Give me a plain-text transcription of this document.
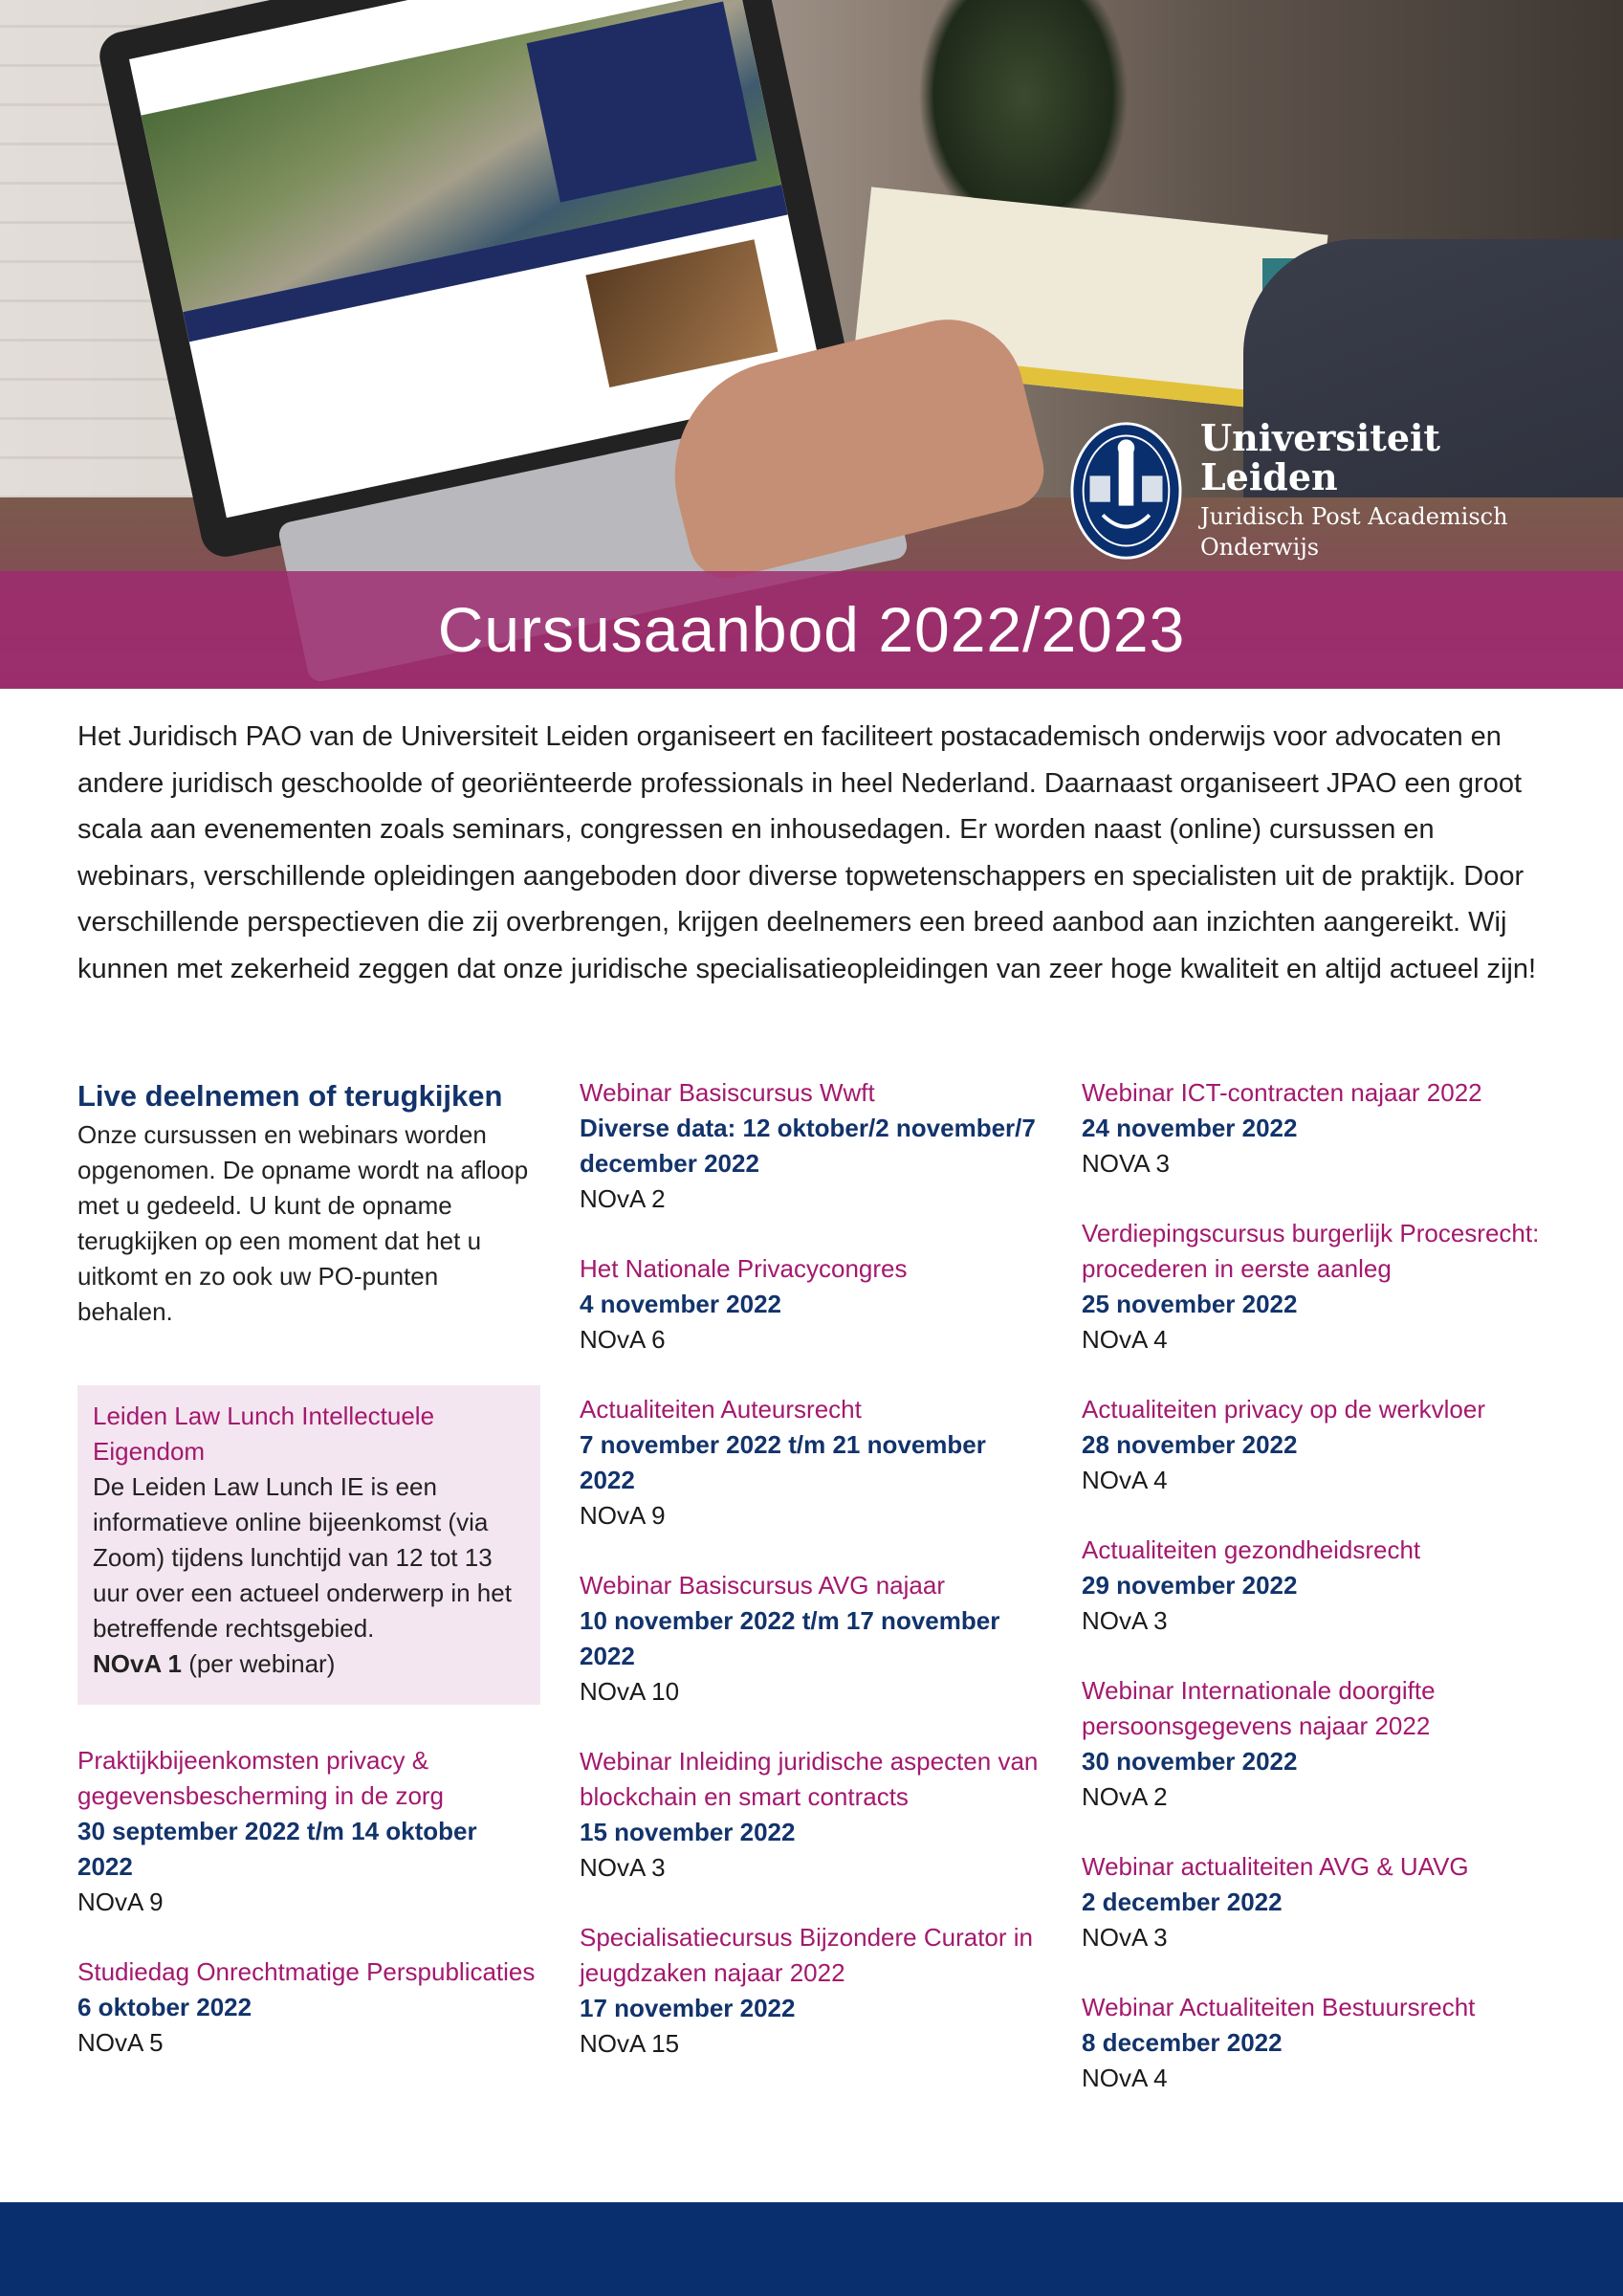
Universiteit
Leiden
Juridisch Post Academisch Onderwijs
Cursusaanbod 2022/2023
Het Juridisch PAO van de Universiteit Leiden organiseert en faciliteert postacademisch onderwijs voor advocaten en andere juridisch geschoolde of georiënteerde professionals in heel Nederland. Daarnaast organiseert JPAO een groot scala aan evenementen zoals seminars, congressen en inhousedagen. Er worden naast (online) cursussen en webinars, verschillende opleidingen aangeboden door diverse topwetenschappers en specialisten uit de praktijk. Door verschillende perspectieven die zij overbrengen, krijgen deelnemers een breed aanbod aan inzichten aangereikt. Wij kunnen met zekerheid zeggen dat onze juridische specialisatieopleidingen van zeer hoge kwaliteit en altijd actueel zijn!
Live deelnemen of terugkijken

Onze cursussen en webinars worden opgenomen. De opname wordt na afloop met u gedeeld. U kunt de opname terugkijken op een moment dat het u uitkomt en zo ook uw PO-punten behalen.

Leiden Law Lunch Intellectuele Eigendom

De Leiden Law Lunch IE is een informatieve online bijeenkomst (via Zoom) tijdens lunchtijd van 12 tot 13 uur over een actueel onderwerp in het betreffende rechtsgebied.

NOvA 1 (per webinar)

Praktijkbijeenkomsten privacy & gegevensbescherming in de zorg
30 september 2022 t/m 14 oktober 2022
NOvA 9
Studiedag Onrechtmatige Perspublicaties
6 oktober 2022
NOvA 5
Webinar Basiscursus Wwft
Diverse data: 12 oktober/2 november/7 december 2022
NOvA 2
Het Nationale Privacycongres
4 november 2022
NOvA 6
Actualiteiten Auteursrecht
7 november 2022 t/m 21 november 2022
NOvA 9
Webinar Basiscursus AVG najaar
10 november 2022 t/m 17 november 2022
NOvA 10
Webinar Inleiding juridische aspecten van blockchain en smart contracts
15 november 2022
NOvA 3
Specialisatiecursus Bijzondere Curator in jeugdzaken najaar 2022
17 november 2022
NOvA 15
Webinar ICT-contracten najaar 2022
24 november 2022
NOVA 3
Verdiepingscursus burgerlijk Procesrecht: procederen in eerste aanleg
25 november 2022
NOvA 4
Actualiteiten privacy op de werkvloer
28 november 2022
NOvA 4
Actualiteiten gezondheidsrecht
29 november 2022
NOvA 3
Webinar Internationale doorgifte persoonsgegevens najaar 2022
30 november 2022
NOvA 2
Webinar actualiteiten AVG & UAVG
2 december 2022
NOvA 3
Webinar Actualiteiten Bestuursrecht
8 december 2022
NOvA 4
